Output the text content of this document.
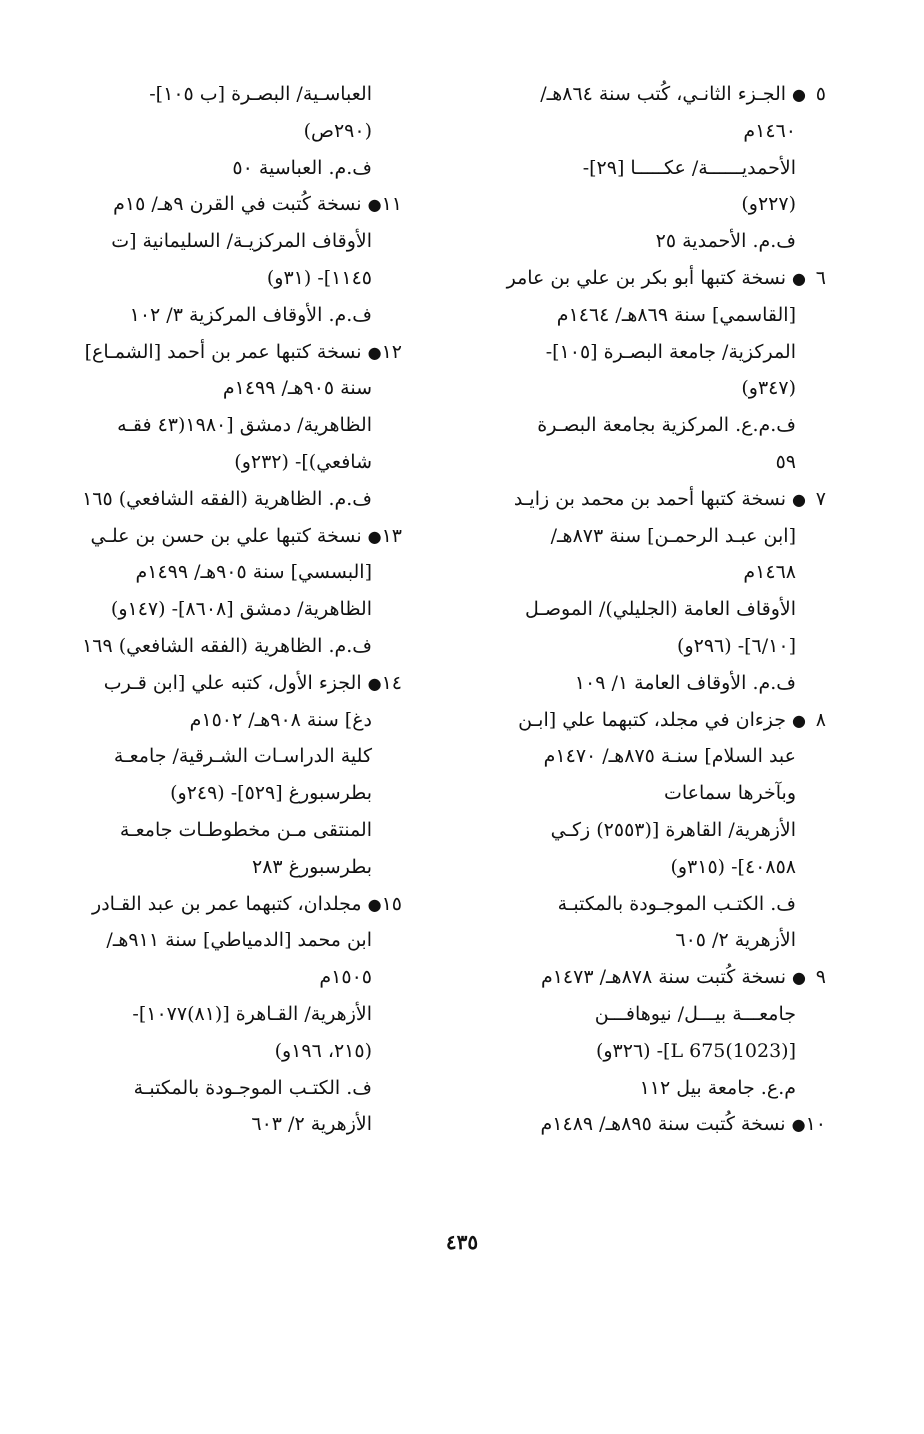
٥●الجـزء الثانـي، كُتب سنة ٨٦٤هـ/
١٤٦٠م
الأحمديــــــة/ عكـــــا [٢٩]-
(٢٢٧و)
ف.م. الأحمدية ٢٥
٦●نسخة كتبها أبو بكر بن علي بن عامر
[القاسمي] سنة ٨٦٩هـ/ ١٤٦٤م
المركزية/ جامعة البصـرة [١٠٥]-
(٣٤٧و)
ف.م.ع. المركزية بجامعة البصـرة
٥٩
٧●نسخة كتبها أحمد بن محمد بن زايـد
[ابن عبـد الرحمـن] سنة ٨٧٣هـ/
١٤٦٨م
الأوقاف العامة (الجليلي)/ الموصـل
[٦/١٠]- (٢٩٦و)
ف.م. الأوقاف العامة ١/ ١٠٩
٨●جزءان في مجلد، كتبهما علي [ابـن
عبد السلام] سنـة ٨٧٥هـ/ ١٤٧٠م
وبآخرها سماعات
الأزهرية/ القاهرة [(٢٥٥٣) زكـي
٤٠٨٥٨]- (٣١٥و)
ف. الكتـب الموجـودة بالمكتبـة
الأزهرية ٢/ ٦٠٥
٩●نسخة كُتبت سنة ٨٧٨هـ/ ١٤٧٣م
جامعـــة بيـــل/ نيوهافـــن
[L 675(1023)]- (٣٢٦و)
م.ع. جامعة بيل ١١٢
١٠●نسخة كُتبت سنة ٨٩٥هـ/ ١٤٨٩م
العباسـية/ البصـرة [ب ١٠٥]-
(٢٩٠ص)
ف.م. العباسية ٥٠
١١●نسخة كُتبت في القرن ٩هـ/ ١٥م
الأوقاف المركزيـة/ السليمانية [ت
١١٤٥]- (٣١و)
ف.م. الأوقاف المركزية ٣/ ١٠٢
١٢●نسخة كتبها عمر بن أحمد [الشمـاع]
سنة ٩٠٥هـ/ ١٤٩٩م
الظاهرية/ دمشق [١٩٨٠(٤٣ فقـه
شافعي)]- (٢٣٢و)
ف.م. الظاهرية (الفقه الشافعي) ١٦٥
١٣●نسخة كتبها علي بن حسن بن علـي
[البسسي] سنة ٩٠٥هـ/ ١٤٩٩م
الظاهرية/ دمشق [٨٦٠٨]- (١٤٧و)
ف.م. الظاهرية (الفقه الشافعي) ١٦٩
١٤●الجزء الأول، كتبه علي [ابن قـرب
دغ] سنة ٩٠٨هـ/ ١٥٠٢م
كلية الدراسـات الشـرقية/ جامعـة
بطرسبورغ [٥٢٩]- (٢٤٩و)
المنتقى مـن مخطوطـات جامعـة
بطرسبورغ ٢٨٣
١٥●مجلدان، كتبهما عمر بن عبد القـادر
ابن محمد [الدمياطي] سنة ٩١١هـ/
١٥٠٥م
الأزهرية/ القـاهرة [(٨١)١٠٧٧]-
(٢١٥، ١٩٦و)
ف. الكتـب الموجـودة بالمكتبـة
الأزهرية ٢/ ٦٠٣
٤٣٥
